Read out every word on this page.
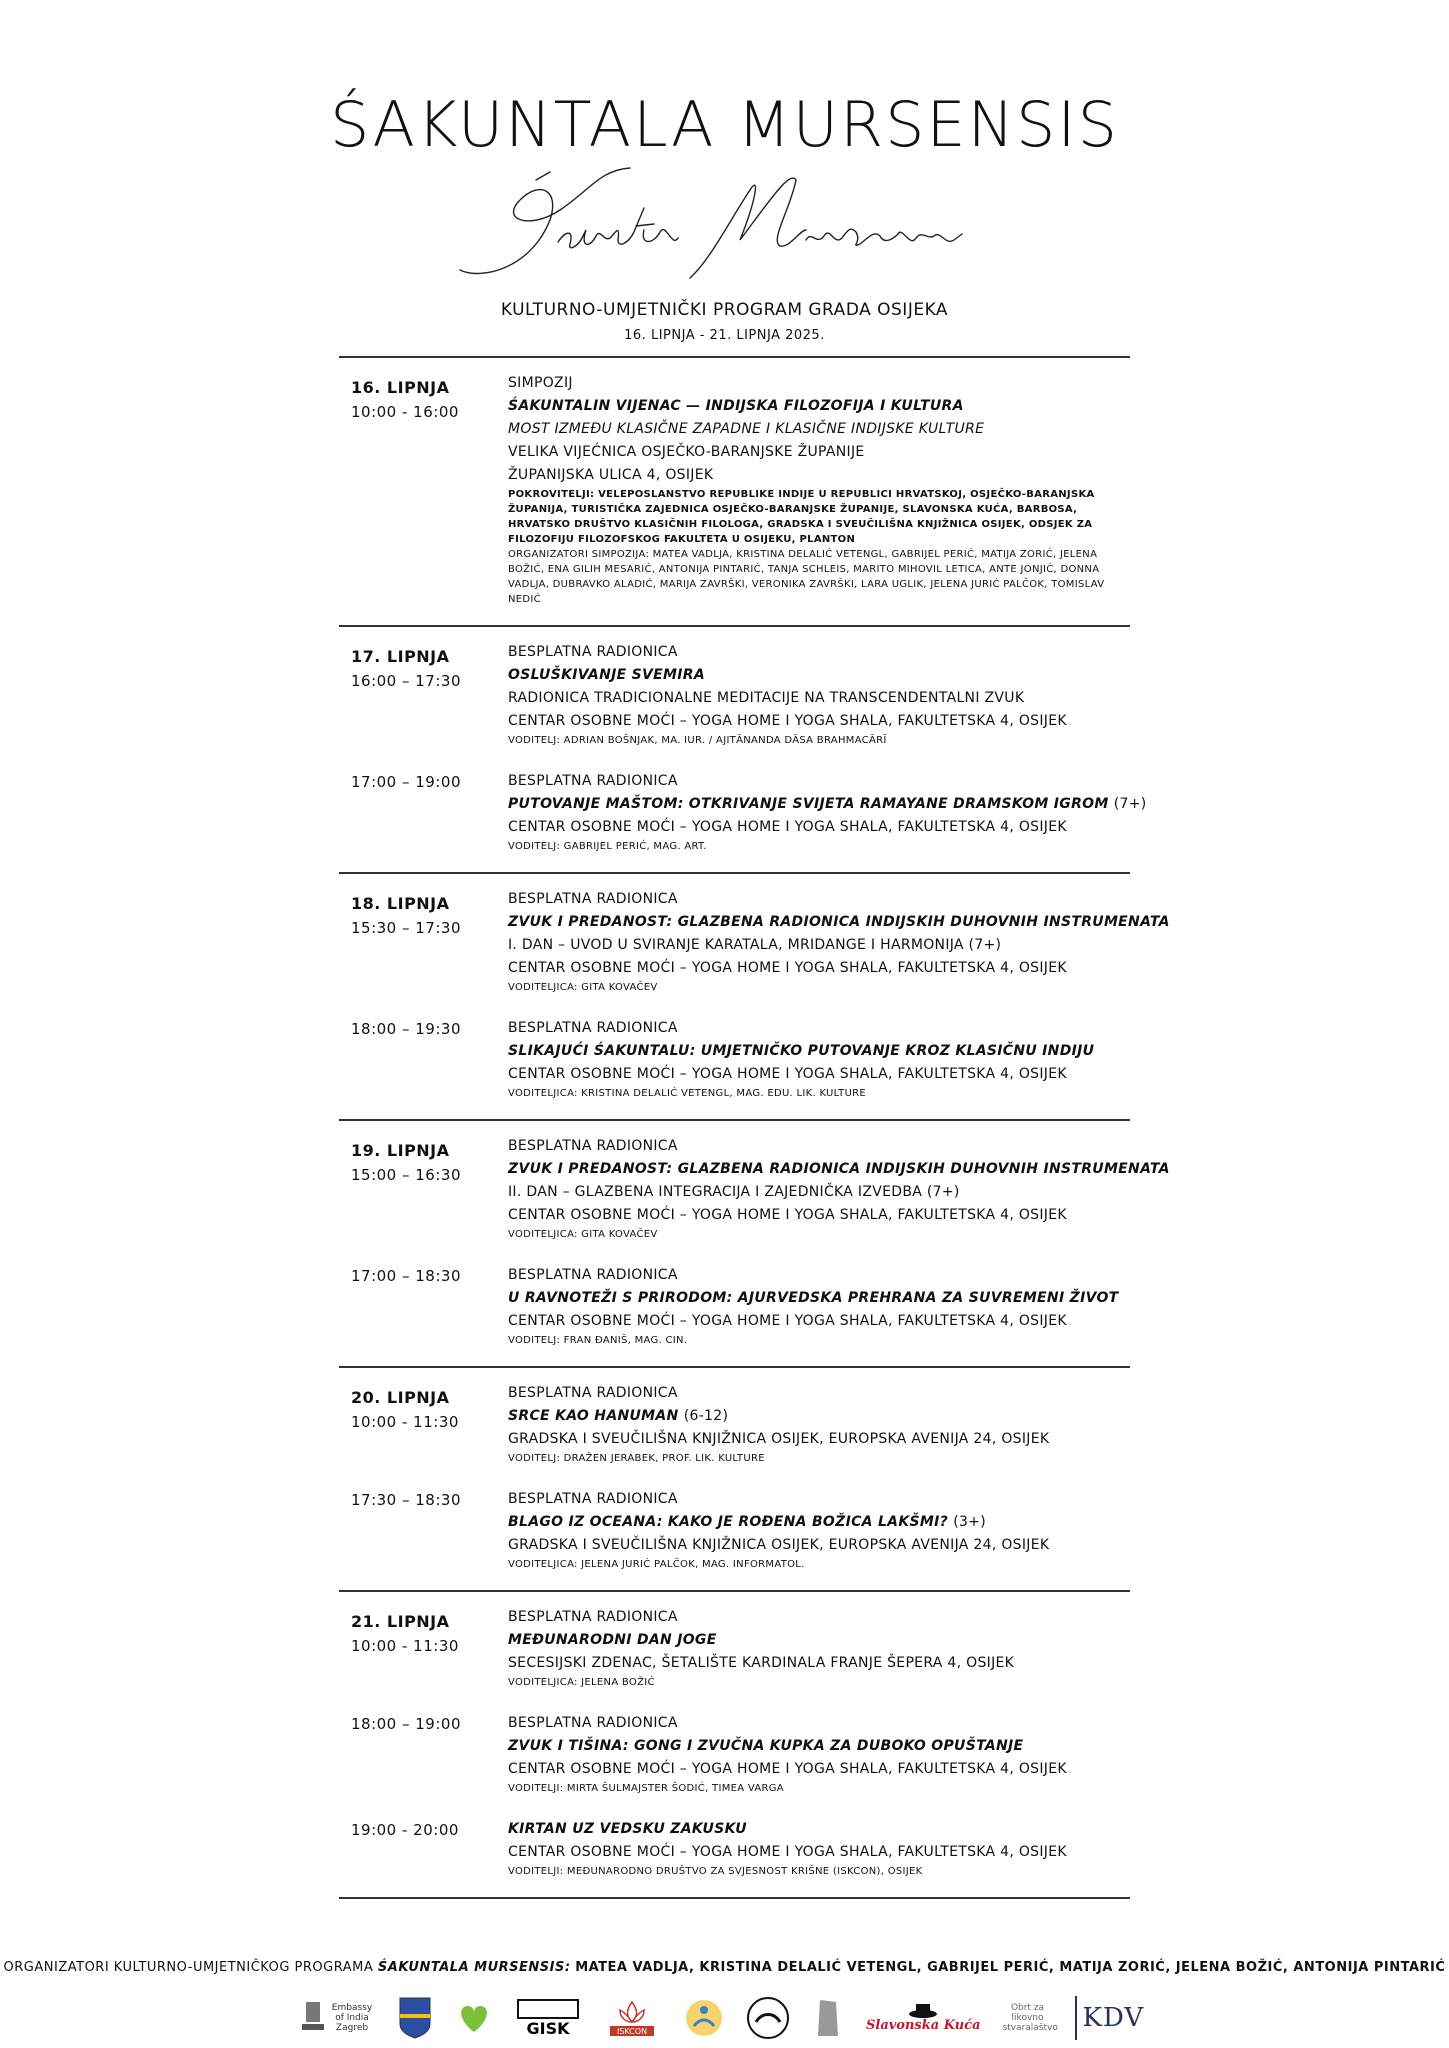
ŚAKUNTALA MURSENSIS
KULTURNO-UMJETNIČKI PROGRAM GRADA OSIJEKA
16. LIPNJA - 21. LIPNJA 2025.
16. LIPNJA
10:00 - 16:00
SIMPOZIJ
ŚAKUNTALIN VIJENAC — INDIJSKA FILOZOFIJA I KULTURA
MOST IZMEĐU KLASIČNE ZAPADNE I KLASIČNE INDIJSKE KULTURE
VELIKA VIJEĆNICA OSJEČKO-BARANJSKE ŽUPANIJE
ŽUPANIJSKA ULICA 4, OSIJEK
POKROVITELJI: VELEPOSLANSTVO REPUBLIKE INDIJE U REPUBLICI HRVATSKOJ, OSJEČKO-BARANJSKA ŽUPANIJA, TURISTIČKA ZAJEDNICA OSJEČKO-BARANJSKE ŽUPANIJE, SLAVONSKA KUĆA, BARBOSA, HRVATSKO DRUŠTVO KLASIČNIH FILOLOGA, GRADSKA I SVEUČILIŠNA KNJIŽNICA OSIJEK, ODSJEK ZA FILOZOFIJU FILOZOFSKOG FAKULTETA U OSIJEKU, PLANTON
ORGANIZATORI SIMPOZIJA: MATEA VADLJA, KRISTINA DELALIĆ VETENGL, GABRIJEL PERIĆ, MATIJA ZORIĆ, JELENA BOŽIĆ, ENA GILIH MESARIĆ, ANTONIJA PINTARIĆ, TANJA SCHLEIS, MARITO MIHOVIL LETICA, ANTE JONJIĆ, DONNA VADLJA, DUBRAVKO ALADIĆ, MARIJA ZAVRŠKI, VERONIKA ZAVRŠKI, LARA UGLIK, JELENA JURIĆ PALČOK, TOMISLAV NEDIĆ
17. LIPNJA
16:00 – 17:30
BESPLATNA RADIONICA
OSLUŠKIVANJE SVEMIRA
RADIONICA TRADICIONALNE MEDITACIJE NA TRANSCENDENTALNI ZVUK
CENTAR OSOBNE MOĆI – YOGA HOME I YOGA SHALA, FAKULTETSKA 4, OSIJEK
VODITELJ: ADRIAN BOŠNJAK, MA. IUR. / AJITĀNANDA DĀSA BRAHMACĀRĪ
17:00 – 19:00	BESPLATNA RADIONICA
PUTOVANJE MAŠTOM: OTKRIVANJE SVIJETA RAMAYANE DRAMSKOM IGROM (7+)
CENTAR OSOBNE MOĆI – YOGA HOME I YOGA SHALA, FAKULTETSKA 4, OSIJEK
VODITELJ: GABRIJEL PERIĆ, MAG. ART.
18. LIPNJA
15:30 – 17:30
BESPLATNA RADIONICA
ZVUK I PREDANOST: GLAZBENA RADIONICA INDIJSKIH DUHOVNIH INSTRUMENATA
I. DAN – UVOD U SVIRANJE KARATALA, MRIDANGE I HARMONIJA (7+)
CENTAR OSOBNE MOĆI – YOGA HOME I YOGA SHALA, FAKULTETSKA 4, OSIJEK
VODITELJICA: GITA KOVAČEV
18:00 – 19:30	BESPLATNA RADIONICA
SLIKAJUĆI ŚAKUNTALU: UMJETNIČKO PUTOVANJE KROZ KLASIČNU INDIJU
CENTAR OSOBNE MOĆI – YOGA HOME I YOGA SHALA, FAKULTETSKA 4, OSIJEK
VODITELJICA: KRISTINA DELALIĆ VETENGL, MAG. EDU. LIK. KULTURE
19. LIPNJA
15:00 – 16:30
BESPLATNA RADIONICA
ZVUK I PREDANOST: GLAZBENA RADIONICA INDIJSKIH DUHOVNIH INSTRUMENATA
II. DAN – GLAZBENA INTEGRACIJA I ZAJEDNIČKA IZVEDBA (7+)
CENTAR OSOBNE MOĆI – YOGA HOME I YOGA SHALA, FAKULTETSKA 4, OSIJEK
VODITELJICA: GITA KOVAČEV
17:00 – 18:30	BESPLATNA RADIONICA
U RAVNOTEŽI S PRIRODOM: AJURVEDSKA PREHRANA ZA SUVREMENI ŽIVOT
CENTAR OSOBNE MOĆI – YOGA HOME I YOGA SHALA, FAKULTETSKA 4, OSIJEK
VODITELJ: FRAN ĐANIŠ, MAG. CIN.
20. LIPNJA
10:00 - 11:30
BESPLATNA RADIONICA
SRCE KAO HANUMAN (6-12)
GRADSKA I SVEUČILIŠNA KNJIŽNICA OSIJEK, EUROPSKA AVENIJA 24, OSIJEK
VODITELJ: DRAŽEN JERABEK, PROF. LIK. KULTURE
17:30 – 18:30	BESPLATNA RADIONICA
BLAGO IZ OCEANA: KAKO JE ROĐENA BOŽICA LAKŠMI? (3+)
GRADSKA I SVEUČILIŠNA KNJIŽNICA OSIJEK, EUROPSKA AVENIJA 24, OSIJEK
VODITELJICA: JELENA JURIĆ PALČOK, MAG. INFORMATOL.
21. LIPNJA
10:00 - 11:30
BESPLATNA RADIONICA
MEĐUNARODNI DAN JOGE
SECESIJSKI ZDENAC, ŠETALIŠTE KARDINALA FRANJE ŠEPERA 4, OSIJEK
VODITELJICA: JELENA BOŽIĆ
18:00 – 19:00	BESPLATNA RADIONICA
ZVUK I TIŠINA: GONG I ZVUČNA KUPKA ZA DUBOKO OPUŠTANJE
CENTAR OSOBNE MOĆI – YOGA HOME I YOGA SHALA, FAKULTETSKA 4, OSIJEK
VODITELJI: MIRTA ŠULMAJSTER ŠODIĆ, TIMEA VARGA
19:00 - 20:00	KIRTAN UZ VEDSKU ZAKUSKU
CENTAR OSOBNE MOĆI – YOGA HOME I YOGA SHALA, FAKULTETSKA 4, OSIJEK
VODITELJI: MEĐUNARODNO DRUŠTVO ZA SVJESNOST KRIŠNE (ISKCON), OSIJEK
ORGANIZATORI KULTURNO-UMJETNIČKOG PROGRAMA ŚAKUNTALA MURSENSIS: MATEA VADLJA, KRISTINA DELALIĆ VETENGL, GABRIJEL PERIĆ, MATIJA ZORIĆ, JELENA BOŽIĆ, ANTONIJA PINTARIĆ
Embassy of India Zagreb	GISK	ISKCON	Slavonska Kuća
Obrt za likovno stvaralaštvo KDV
